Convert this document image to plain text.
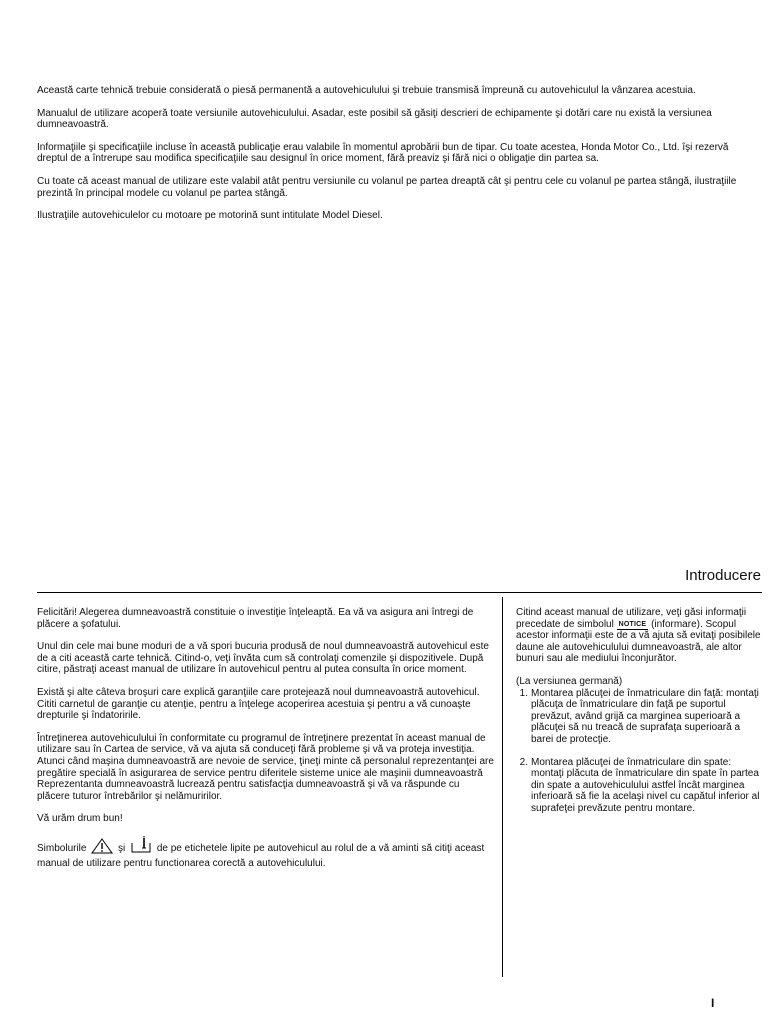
Această carte tehnică trebuie considerată o piesă permanentă a autovehiculului şi trebuie transmisă împreună cu autovehiculul la vânzarea acestuia.

Manualul de utilizare acoperă toate versiunile autovehiculului. Asadar, este posibil să găsiţi descrieri de echipamente şi dotări care nu există la versiunea dumneavoastră.

Informaţiile şi specificaţiile incluse în această publicaţie erau valabile în momentul aprobării bun de tipar. Cu toate acestea, Honda Motor Co., Ltd. îşi rezervă dreptul de a întrerupe sau modifica specificaţiile sau designul în orice moment, fără preaviz şi fără nici o obligaţie din partea sa.

Cu toate că aceast manual de utilizare este valabil atât pentru versiunile cu volanul pe partea dreaptă cât şi pentru cele cu volanul pe partea stângă, ilustraţiile prezintă în principal modele cu volanul pe partea stângă.

Ilustraţiile autovehiculelor cu motoare pe motorină sunt intitulate Model Diesel.

Introducere

Felicitări! Alegerea dumneavoastră constituie o investiţie înţeleaptă. Ea vă va asigura ani întregi de plăcere a şofatului.

Unul din cele mai bune moduri de a vă spori bucuria produsă de noul dumneavoastră autovehicul este de a citi această carte tehnică. Citind-o, veţi învăta cum să controlaţi comenzile şi dispozitivele. După citire, păstraţi aceast manual de utilizare în autovehicul pentru al putea consulta în orice moment.

Există şi alte câteva broşuri care explică garanţiile care protejează noul dumneavoastră autovehicul. Cititi carnetul de garanţie cu atenţie, pentru a înţelege acoperirea acestuia şi pentru a vă cunoaşte drepturile şi îndatoririle.

Întreţinerea autovehiculului în conformitate cu programul de întreţinere prezentat în aceast manual de utilizare sau în Cartea de service, vă va ajuta să conduceţi fără probleme şi vă va proteja investiţia. Atunci când maşina dumneavoastră are nevoie de service, ţineţi minte că personalul reprezentanţei are pregătire specială în asigurarea de service pentru diferitele sisteme unice ale maşinii dumneavoastră Reprezentanta dumneavoastră lucrează pentru satisfacţia dumneavoastră şi vă va răspunde cu plăcere tuturor întrebărilor şi nelămuririlor.

Vă urăm drum bun!

Simbolurile	şi	de pe etichetele lipite pe autovehicul au rolul de a vă aminti să citiţi aceast manual de utilizare pentru functionarea corectă a autovehiculului.

Citind aceast manual de utilizare, veţi găsi informaţii precedate de simbolul NOTICE (informare). Scopul acestor informaţii este de a vă ajuta să evitaţi posibilele daune ale autovehiculului dumneavoastră, ale altor bunuri sau ale mediului înconjurător.

(La versiunea germană)
1. Montarea plăcuţei de înmatriculare din faţă: montaţi plăcuţa de înmatriculare din faţă pe suportul prevăzut, având grijă ca marginea superioară a plăcuţei să nu treacă de suprafaţa superioară a barei de protecţie.
2. Montarea plăcuţei de înmatriculare din spate: montaţi plăcuta de înmatriculare din spate în partea din spate a autovehiculului astfel încât marginea inferioară să fie la acelaşi nivel cu capătul inferior al suprafeţei prevăzute pentru montare.
I
